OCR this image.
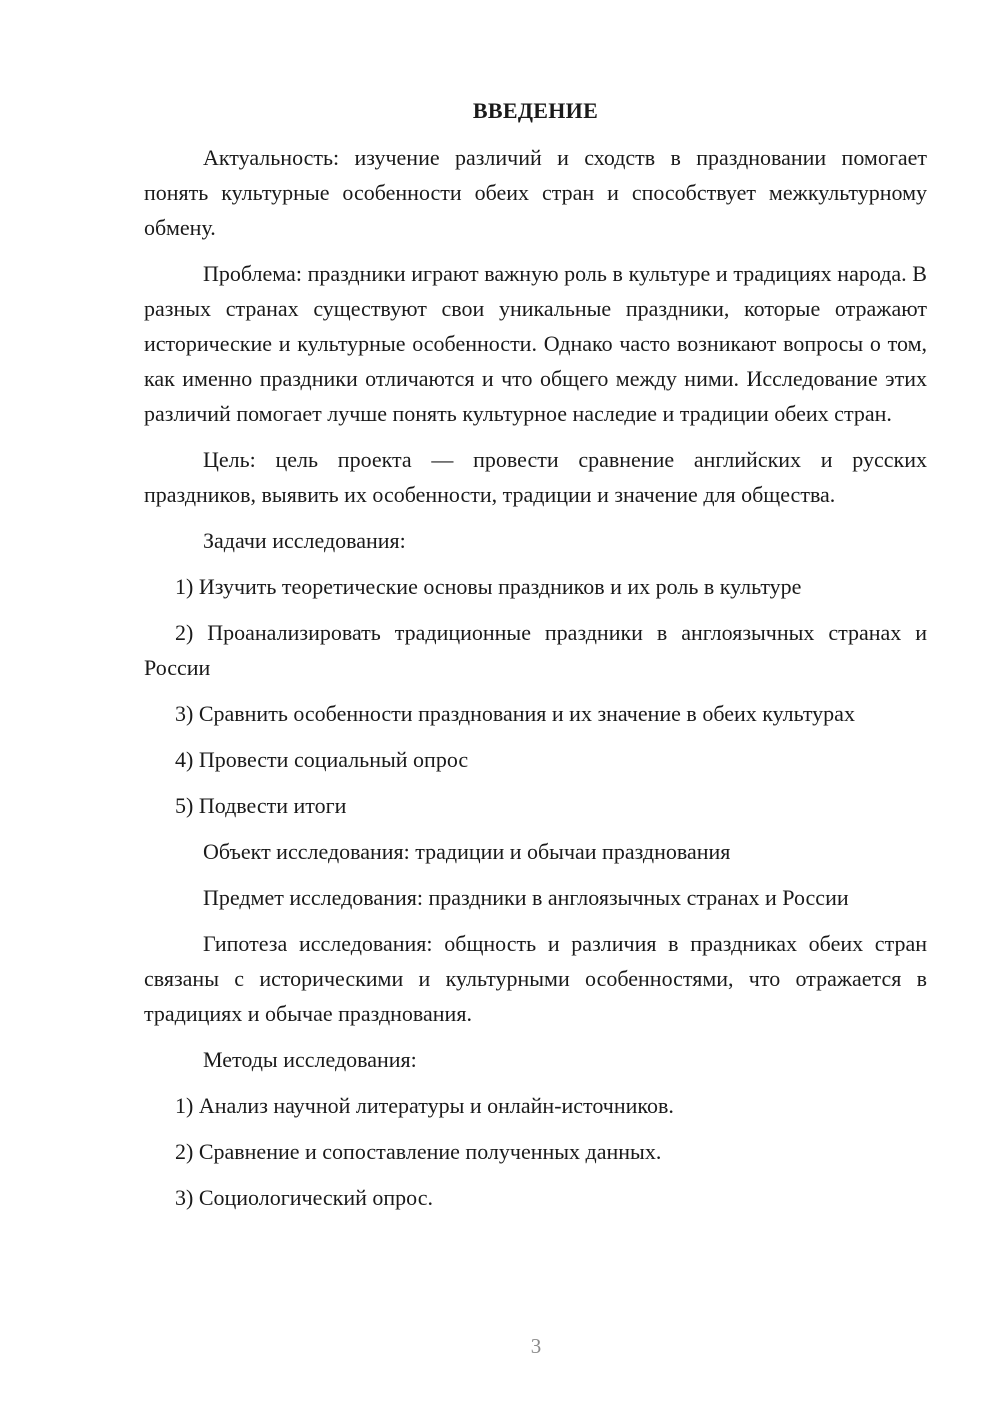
ВВЕДЕНИЕ

Актуальность: изучение различий и сходств в праздновании помогает понять культурные особенности обеих стран и способствует межкультурному обмену.

Проблема: праздники играют важную роль в культуре и традициях народа. В разных странах существуют свои уникальные праздники, которые отражают исторические и культурные особенности. Однако часто возникают вопросы о том, как именно праздники отличаются и что общего между ними. Исследование этих различий помогает лучше понять культурное наследие и традиции обеих стран.

Цель: цель проекта — провести сравнение английских и русских праздников, выявить их особенности, традиции и значение для общества.

Задачи исследования:

1) Изучить теоретические основы праздников и их роль в культуре

2) Проанализировать традиционные праздники в англоязычных странах и России

3) Сравнить особенности празднования и их значение в обеих культурах

4) Провести социальный опрос

5) Подвести итоги

Объект исследования: традиции и обычаи празднования

Предмет исследования: праздники в англоязычных странах и России

Гипотеза исследования: общность и различия в праздниках обеих стран связаны с историческими и культурными особенностями, что отражается в традициях и обычае празднования.

Методы исследования:

1) Анализ научной литературы и онлайн-источников.

2) Сравнение и сопоставление полученных данных.

3) Социологический опрос.

3
